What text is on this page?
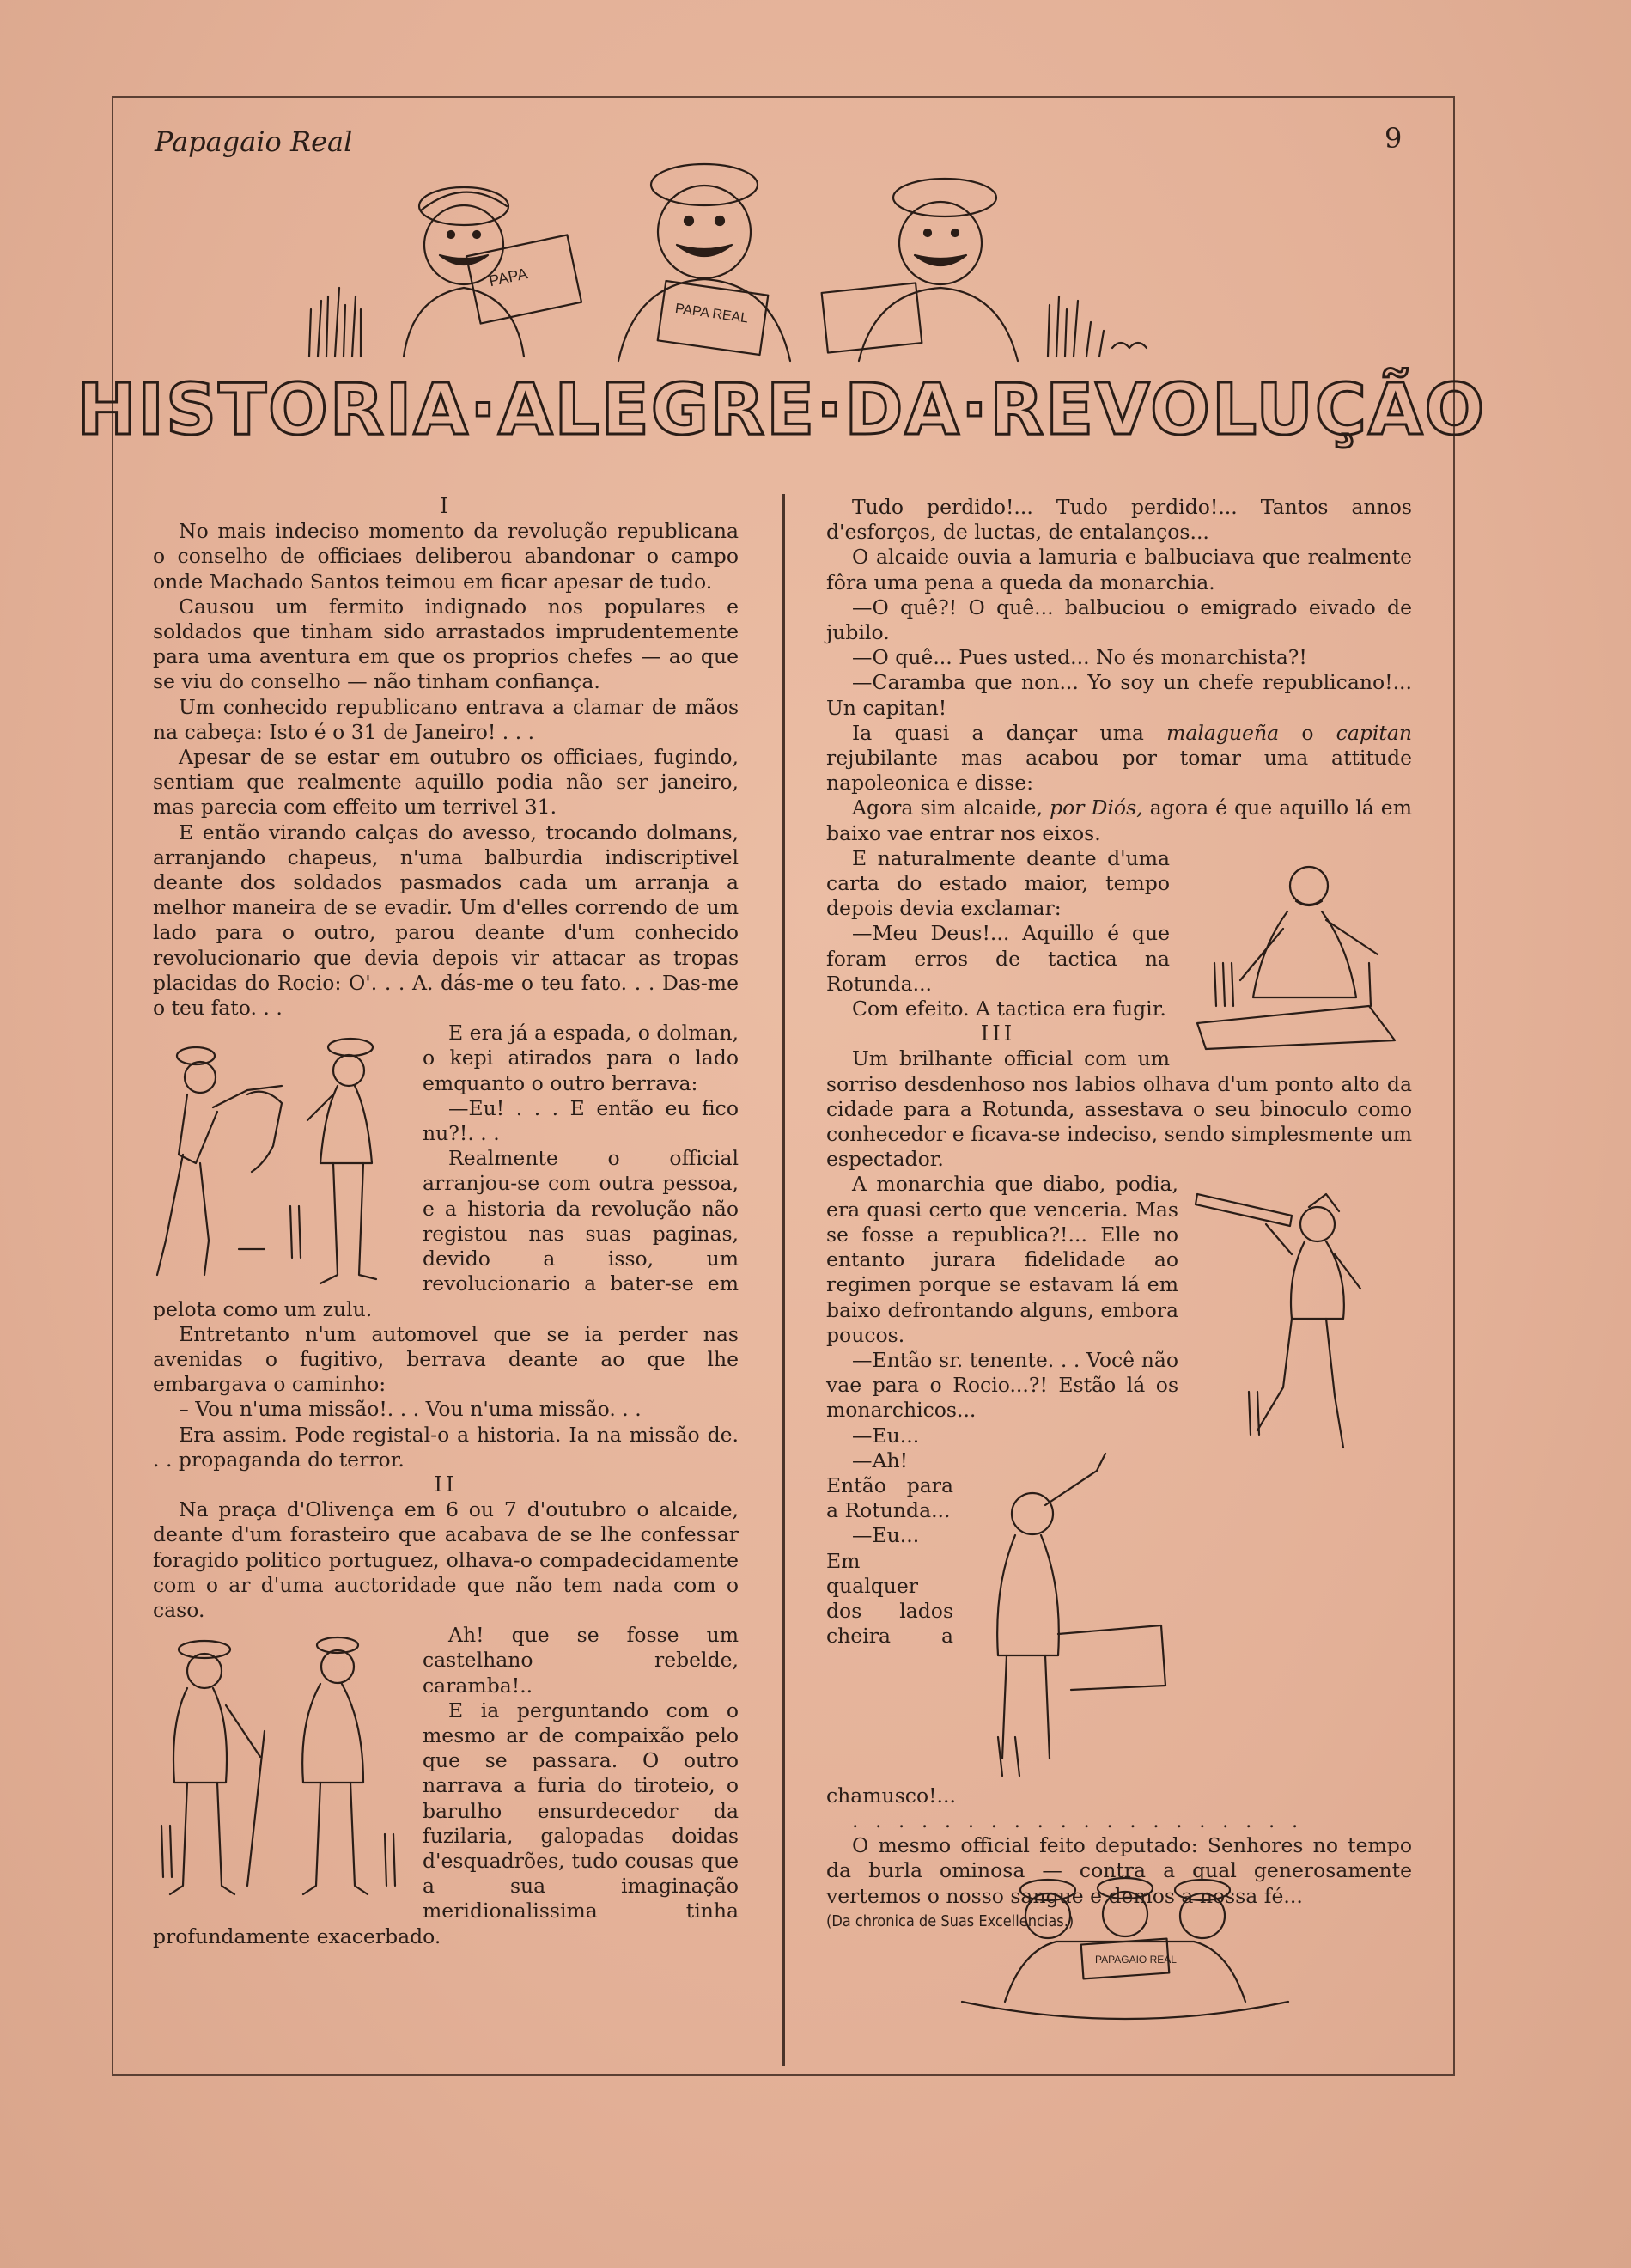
Papagaio Real	9
PAPA
PAPA REAL
HISTORIA·ALEGRE·DA·REVOLUÇÃO

I

No mais indeciso momento da revolução republicana o conselho de officiaes deliberou abandonar o campo onde Machado Santos teimou em ficar apesar de tudo.

Causou um fermito indignado nos populares e soldados que tinham sido arrastados imprudentemente para uma aventura em que os proprios chefes — ao que se viu do conselho — não tinham confiança.

Um conhecido republicano entrava a clamar de mãos na cabeça: Isto é o 31 de Janeiro! . . .

Apesar de se estar em outubro os officiaes, fugindo, sentiam que realmente aquillo podia não ser janeiro, mas parecia com effeito um terrivel 31.

E então virando calças do avesso, trocando dolmans, arranjando chapeus, n'uma balburdia indiscriptivel deante dos soldados pasmados cada um arranja a melhor maneira de se evadir. Um d'elles correndo de um lado para o outro, parou deante d'um conhecido revolucionario que devia depois vir attacar as tropas placidas do Rocio: O'. . . A. dás-me o teu fato. . . Das-me o teu fato. . .

E era já a espada, o dolman, o kepi atirados para o lado emquanto o outro berrava:

—Eu! . . . E então eu fico nu?!. . .

Realmente o official arranjou-se com outra pessoa, e a historia da revolução não registou nas suas paginas, devido a isso, um revolucionario a bater-se em pelota como um zulu.

Entretanto n'um automovel que se ia perder nas avenidas o fugitivo, berrava deante ao que lhe embargava o caminho:

– Vou n'uma missão!. . . Vou n'uma missão. . .

Era assim. Pode registal-o a historia. Ia na missão de. . . propaganda do terror.

II

Na praça d'Olivença em 6 ou 7 d'outubro o alcaide, deante d'um forasteiro que acabava de se lhe confessar foragido politico portuguez, olhava-o compadecidamente com o ar d'uma auctoridade que não tem nada com o caso.

Ah! que se fosse um castelhano rebelde, caramba!..

E ia perguntando com o mesmo ar de compaixão pelo que se passara. O outro narrava a furia do tiroteio, o barulho ensurdecedor da fuzilaria, galopadas doidas d'esquadrões, tudo cousas que a sua imaginação meridionalissima tinha profundamente exacerbado.

Tudo perdido!... Tudo perdido!... Tantos annos d'esforços, de luctas, de entalanços...

O alcaide ouvia a lamuria e balbuciava que realmente fôra uma pena a queda da monarchia.

—O quê?! O quê... balbuciou o emigrado eivado de jubilo.

—O quê... Pues usted... No és monarchista?!

—Caramba que non... Yo soy un chefe republicano!... Un capitan!

Ia quasi a dançar uma malagueña o capitan rejubilante mas acabou por tomar uma attitude napoleonica e disse:

Agora sim alcaide, por Diós, agora é que aquillo lá em baixo vae entrar nos eixos.

E naturalmente deante d'uma carta do estado maior, tempo depois devia exclamar:

—Meu Deus!... Aquillo é que foram erros de tactica na Rotunda...

Com efeito. A tactica era fugir.

III

Um brilhante official com um sorriso desdenhoso nos labios olhava d'um ponto alto da cidade para a Rotunda, assestava o seu binoculo como conhecedor e ficava-se indeciso, sendo simplesmente um espectador.

A monarchia que diabo, podia, era quasi certo que venceria. Mas se fosse a republica?!... Elle no entanto jurara fidelidade ao regimen porque se estavam lá em baixo defrontando alguns, embora poucos.

—Então sr. tenente. . . Você não vae para o Rocio...?! Estão lá os monarchicos...

—Eu...

—Ah! Então para a Rotunda...

—Eu... Em qualquer dos lados cheira a chamusco!...

. . . . . . . . . . . . . . . . . . . .

O mesmo official feito deputado: Senhores no tempo da burla ominosa — contra a qual generosamente vertemos o nosso sangue e demos a nossa fé...

(Da chronica de Suas Excellencias.)

PAPAGAIO REAL
